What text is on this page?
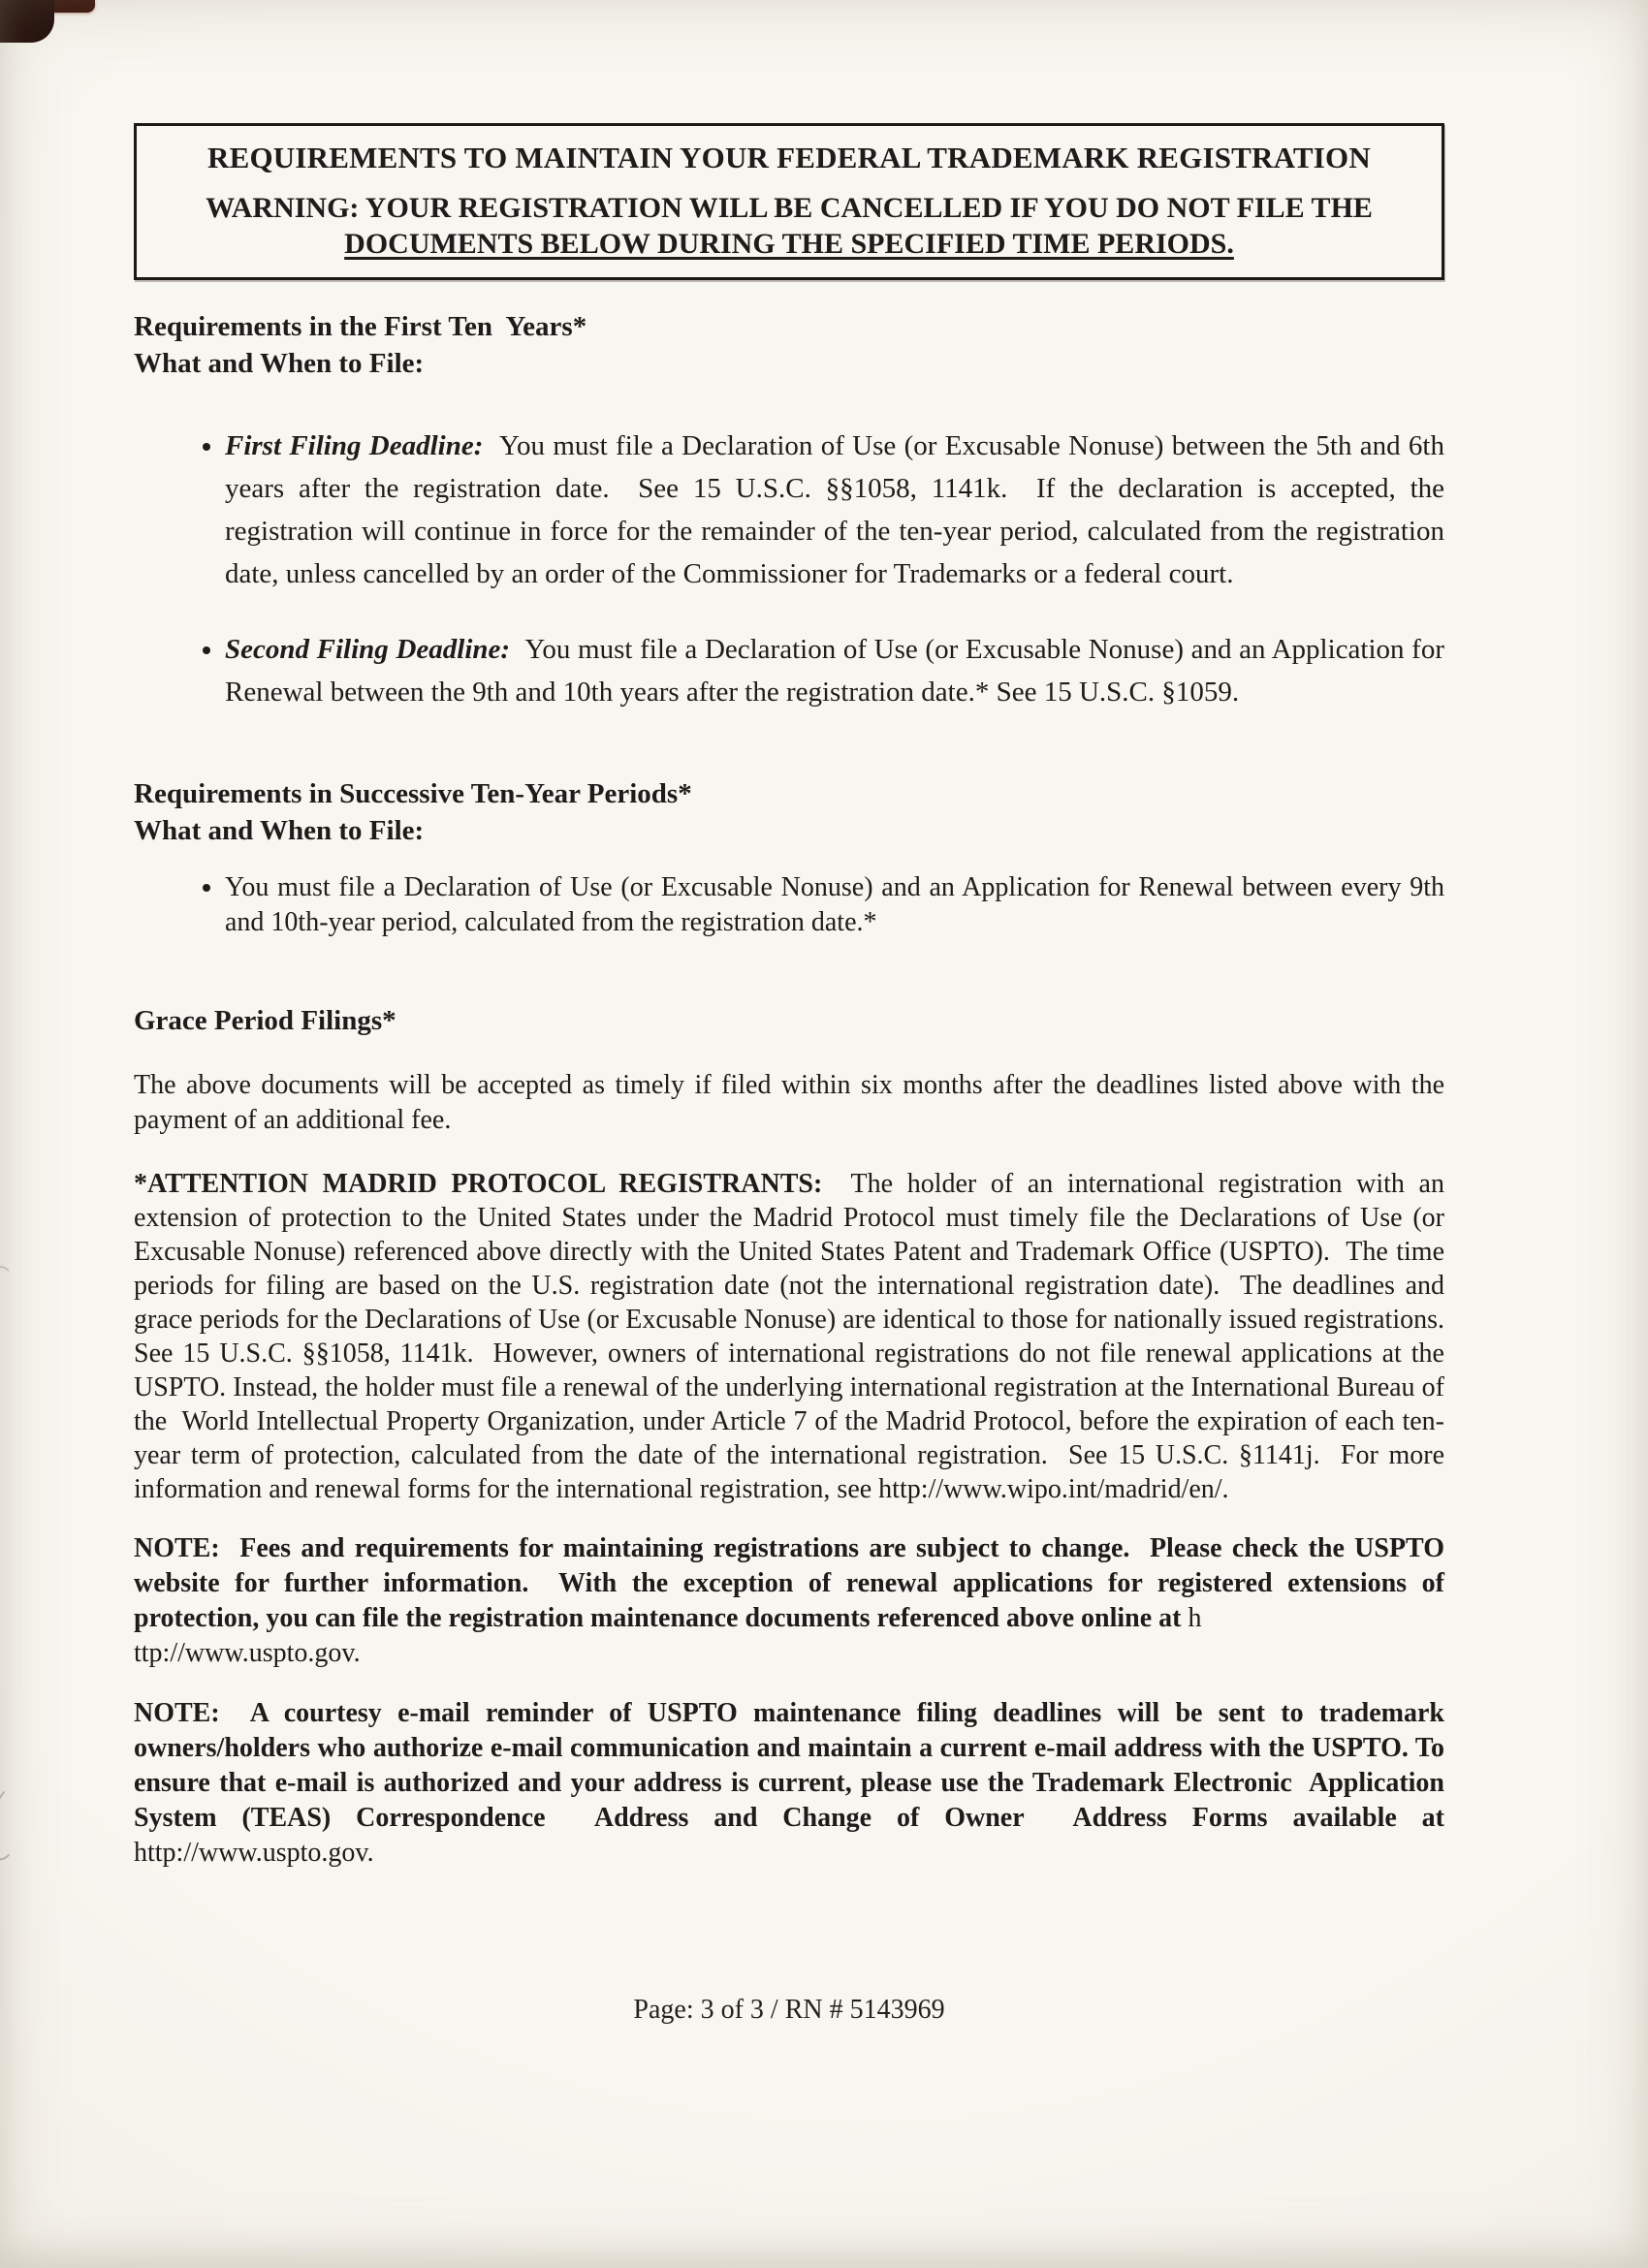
REQUIREMENTS TO MAINTAIN YOUR FEDERAL TRADEMARK REGISTRATION
WARNING: YOUR REGISTRATION WILL BE CANCELLED IF YOU DO NOT FILE THE
DOCUMENTS BELOW DURING THE SPECIFIED TIME PERIODS.
Requirements in the First Ten  Years*
What and When to File:
• First Filing Deadline:  You must file a Declaration of Use (or Excusable Nonuse) between the 5th and 6th years after the registration date.  See 15 U.S.C. §§1058, 1141k.  If the declaration is accepted, the registration will continue in force for the remainder of the ten-year period, calculated from the registration date, unless cancelled by an order of the Commissioner for Trademarks or a federal court.
• Second Filing Deadline:  You must file a Declaration of Use (or Excusable Nonuse) and an Application for Renewal between the 9th and 10th years after the registration date.* See 15 U.S.C. §1059.
Requirements in Successive Ten-Year Periods*
What and When to File:
• You must file a Declaration of Use (or Excusable Nonuse) and an Application for Renewal between every 9th and 10th-year period, calculated from the registration date.*
Grace Period Filings*
The above documents will be accepted as timely if filed within six months after the deadlines listed above with the payment of an additional fee.
*ATTENTION MADRID PROTOCOL REGISTRANTS:  The holder of an international registration with an extension of protection to the United States under the Madrid Protocol must timely file the Declarations of Use (or Excusable Nonuse) referenced above directly with the United States Patent and Trademark Office (USPTO).  The time periods for filing are based on the U.S. registration date (not the international registration date).  The deadlines and grace periods for the Declarations of Use (or Excusable Nonuse) are identical to those for nationally issued registrations.  See 15 U.S.C. §§1058, 1141k.  However, owners of international registrations do not file renewal applications at the USPTO. Instead, the holder must file a renewal of the underlying international registration at the International Bureau of the  World Intellectual Property Organization, under Article 7 of the Madrid Protocol, before the expiration of each ten-year term of protection, calculated from the date of the international registration.  See 15 U.S.C. §1141j.  For more information and renewal forms for the international registration, see http://www.wipo.int/madrid/en/.
NOTE:  Fees and requirements for maintaining registrations are subject to change.  Please check the USPTO website for further information.  With the exception of renewal applications for registered extensions of protection, you can file the registration maintenance documents referenced above online at h
ttp://www.uspto.gov.
NOTE:  A courtesy e-mail reminder of USPTO maintenance filing deadlines will be sent to trademark owners/holders who authorize e-mail communication and maintain a current e-mail address with the USPTO. To ensure that e-mail is authorized and your address is current, please use the Trademark Electronic  Application System (TEAS) Correspondence  Address and Change of Owner  Address Forms available at http://www.uspto.gov.
Page: 3 of 3 / RN # 5143969
